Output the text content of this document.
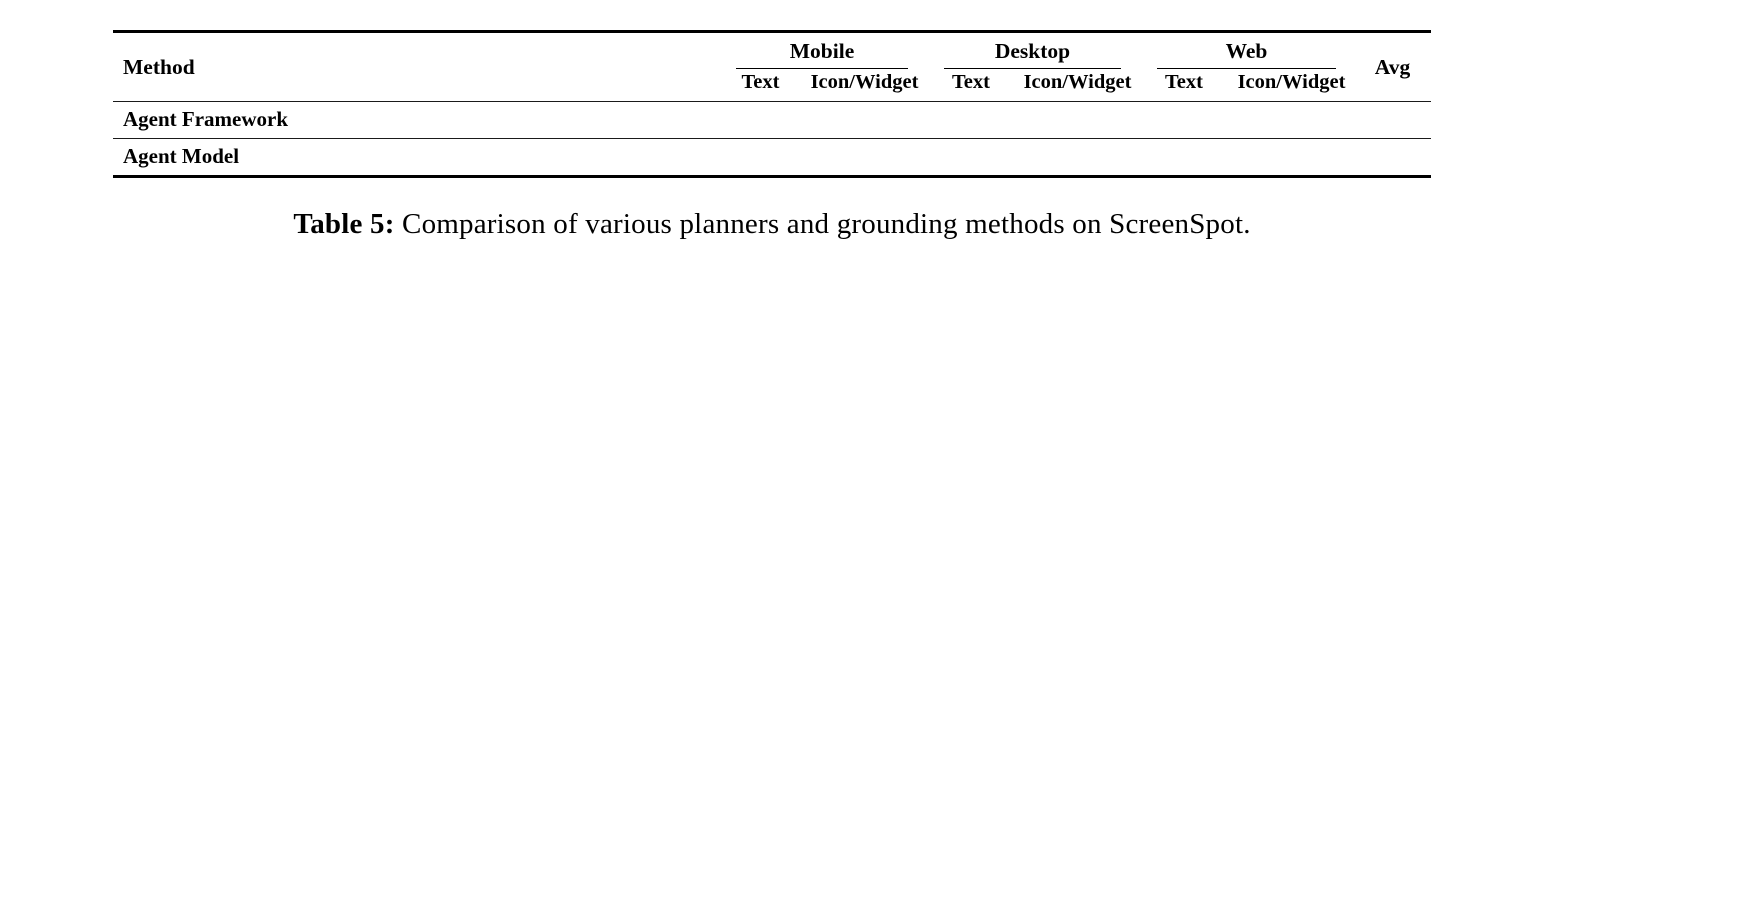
Method	Mobile		Desktop		Web		Avg
	Text	Icon/Widget	Text	Icon/Widget	Text	Icon/Widget	
Agent Framework							
Agent Model							
Table 5: Comparison of various planners and grounding methods on ScreenSpot.
